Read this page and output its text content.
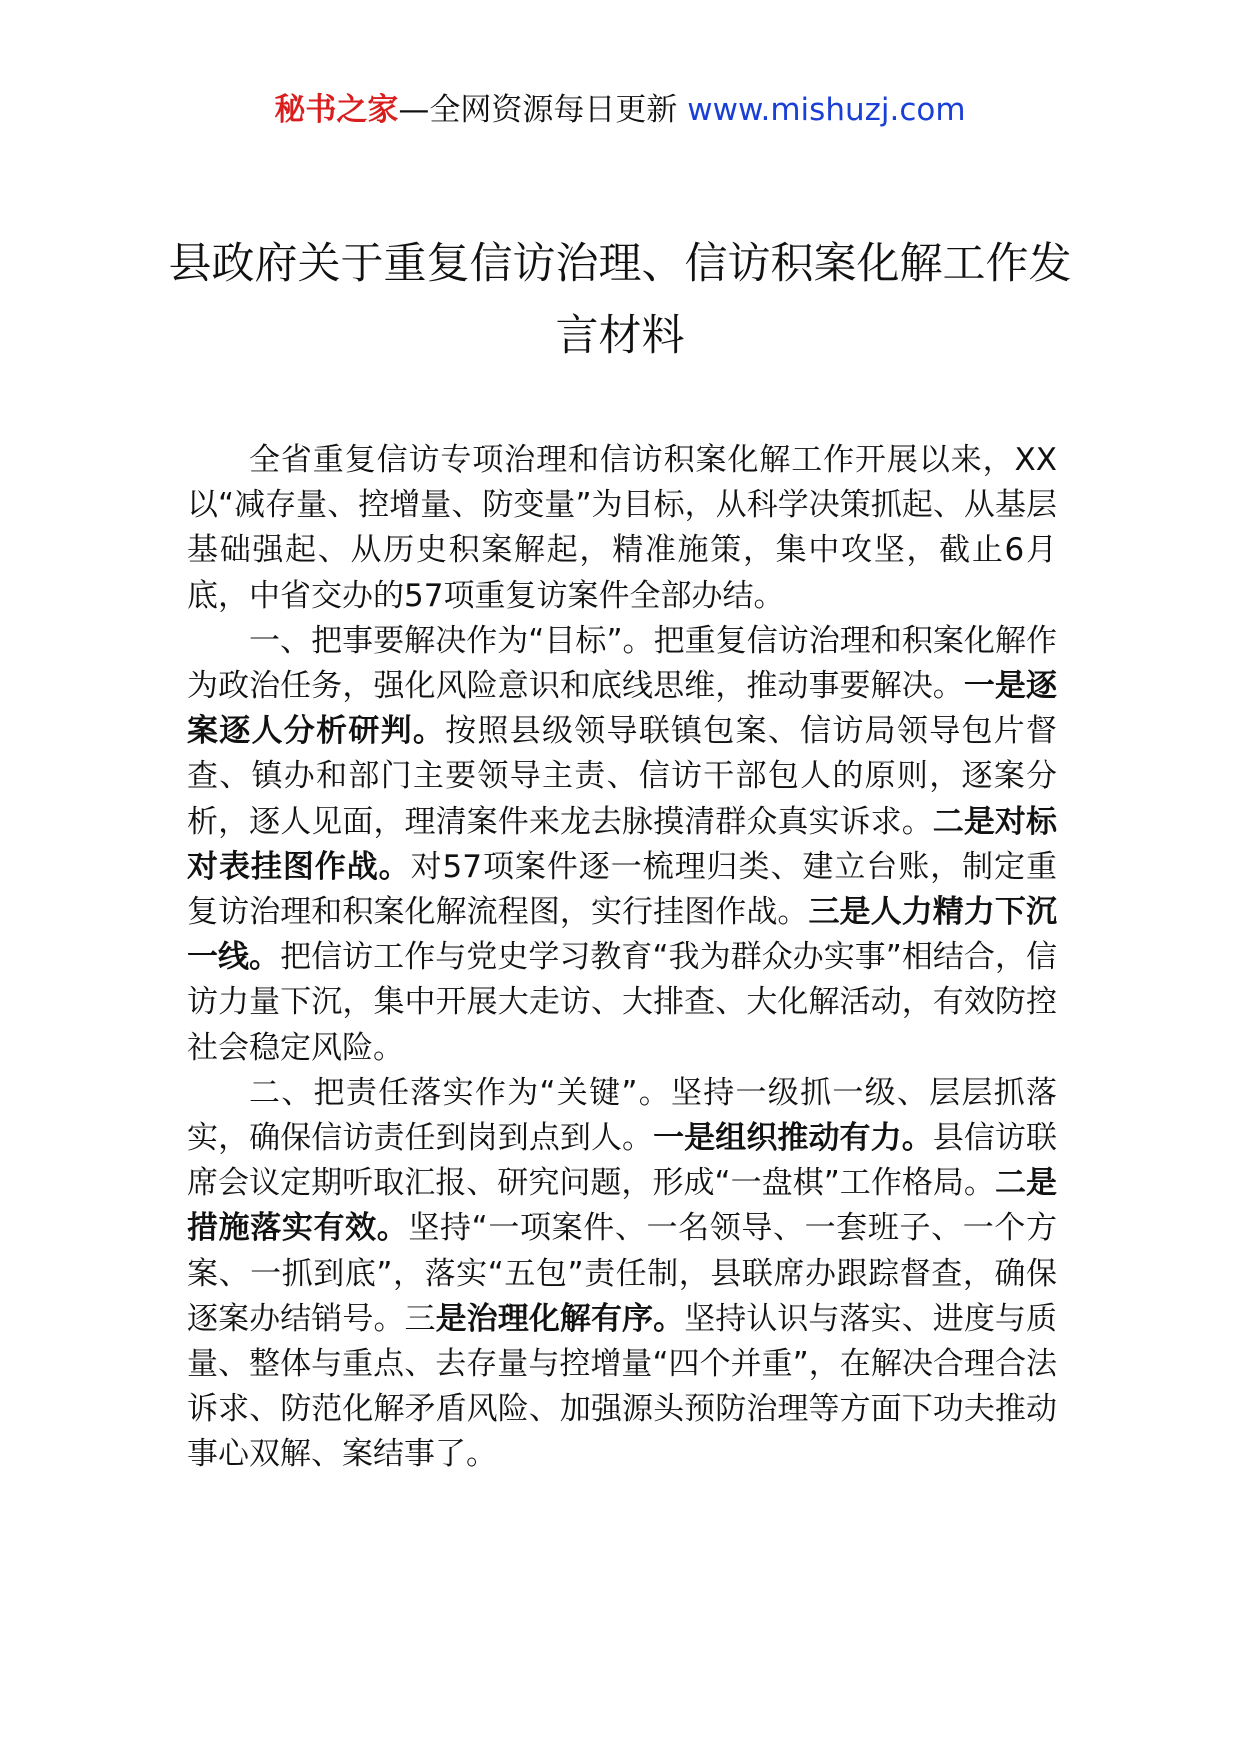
秘书之家—全网资源每日更新 www.mishuzj.com
县政府关于重复信访治理、信访积案化解工作发言材料

全省重复信访专项治理和信访积案化解工作开展以来，XX以“减存量、控增量、防变量”为目标，从科学决策抓起、从基层基础强起、从历史积案解起，精准施策，集中攻坚，截止6月底，中省交办的57项重复访案件全部办结。

一、把事要解决作为“目标”。把重复信访治理和积案化解作为政治任务，强化风险意识和底线思维，推动事要解决。一是逐案逐人分析研判。按照县级领导联镇包案、信访局领导包片督查、镇办和部门主要领导主责、信访干部包人的原则，逐案分析，逐人见面，理清案件来龙去脉摸清群众真实诉求。二是对标对表挂图作战。对57项案件逐一梳理归类、建立台账，制定重复访治理和积案化解流程图，实行挂图作战。三是人力精力下沉一线。把信访工作与党史学习教育“我为群众办实事”相结合，信访力量下沉，集中开展大走访、大排查、大化解活动，有效防控社会稳定风险。

二、把责任落实作为“关键”。坚持一级抓一级、层层抓落实，确保信访责任到岗到点到人。一是组织推动有力。县信访联席会议定期听取汇报、研究问题，形成“一盘棋”工作格局。二是措施落实有效。坚持“一项案件、一名领导、一套班子、一个方案、一抓到底”，落实“五包”责任制，县联席办跟踪督查，确保逐案办结销号。三是治理化解有序。坚持认识与落实、进度与质量、整体与重点、去存量与控增量“四个并重”，在解决合理合法诉求、防范化解矛盾风险、加强源头预防治理等方面下功夫推动事心双解、案结事了。
